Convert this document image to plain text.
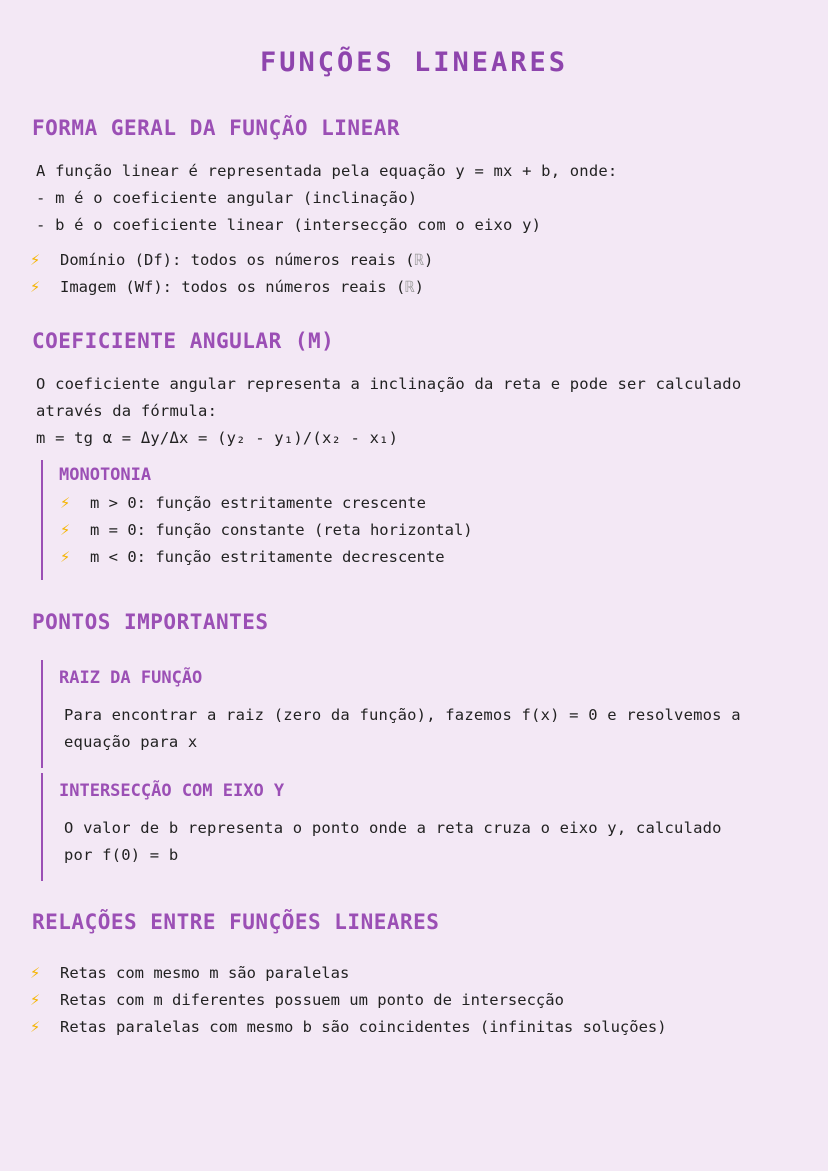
FUNÇÕES LINEARES
FORMA GERAL DA FUNÇÃO LINEAR
A função linear é representada pela equação y = mx + b, onde:
- m é o coeficiente angular (inclinação)
- b é o coeficiente linear (intersecção com o eixo y)
⚡	Domínio (Df): todos os números reais ( ℝ )
⚡	Imagem (Wf): todos os números reais ( ℝ )
COEFICIENTE ANGULAR (M)
O coeficiente angular representa a inclinação da reta e pode ser calculado
através da fórmula:
m = tg α = Δy/Δx = (y₂ - y₁)/(x₂ - x₁)
MONOTONIA
⚡	m > 0: função estritamente crescente
⚡	m = 0: função constante (reta horizontal)
⚡	m < 0: função estritamente decrescente
PONTOS IMPORTANTES
RAIZ DA FUNÇÃO
Para encontrar a raiz (zero da função), fazemos f(x) = 0 e resolvemos a
equação para x
INTERSECÇÃO COM EIXO Y
O valor de b representa o ponto onde a reta cruza o eixo y, calculado
por f(0) = b
RELAÇÕES ENTRE FUNÇÕES LINEARES
⚡	Retas com mesmo m são paralelas
⚡	Retas com m diferentes possuem um ponto de intersecção
⚡	Retas paralelas com mesmo b são coincidentes (infinitas soluções)
